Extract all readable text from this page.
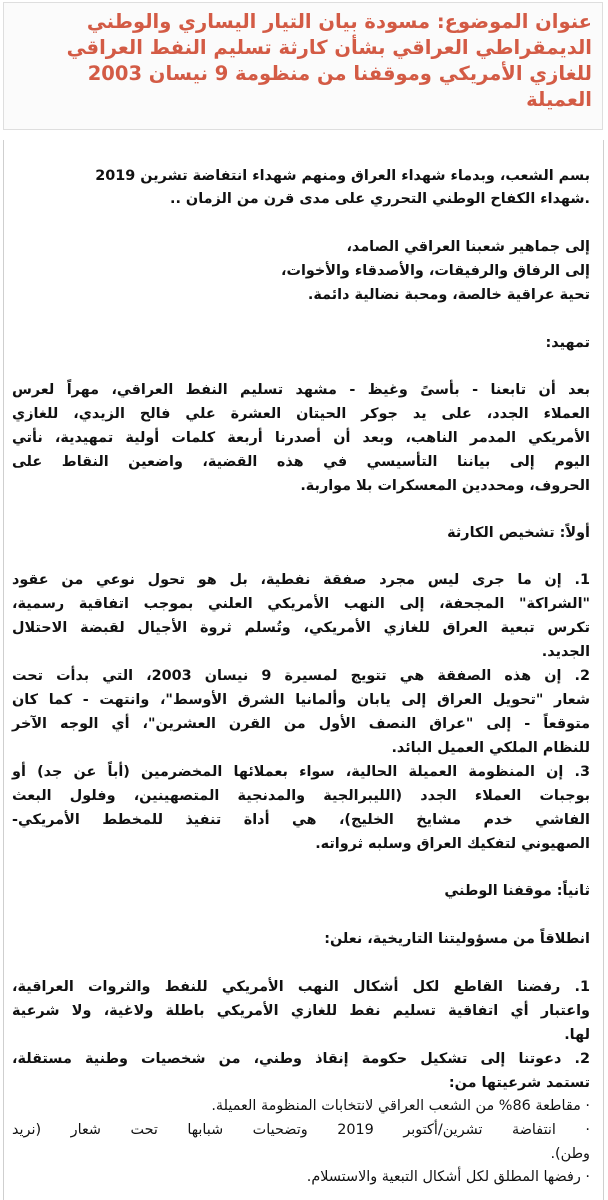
عنوان الموضوع: مسودة بيان التيار اليساري والوطني
الديمقراطي العراقي بشأن كارثة تسليم النفط العراقي
للغازي الأمريكي وموقفنا من منظومة 9 نيسان 2003
العميلة
بسم الشعب، وبدماء شهداء العراق ومنهم شهداء انتفاضة تشرين 2019
.شهداء الكفاح الوطني التحرري على مدى قرن من الزمان ..
إلى جماهير شعبنا العراقي الصامد،
إلى الرفاق والرفيقات، والأصدقاء والأخوات،
تحية عراقية خالصة، ومحبة نضالية دائمة.
تمهيد:
بعد أن تابعنا - بأسىً وغيظ - مشهد تسليم النفط العراقي، مهراً لعرس
العملاء الجدد، على يد جوكر الحيتان العشرة علي فالح الزيدي، للغازي
الأمريكي المدمر الناهب، وبعد أن أصدرنا أربعة كلمات أولية تمهيدية، نأتي
اليوم إلى بياننا التأسيسي في هذه القضية، واضعين النقاط على
الحروف، ومحددين المعسكرات بلا مواربة.
أولاً: تشخيص الكارثة
1. إن ما جرى ليس مجرد صفقة نفطية، بل هو تحول نوعي من عقود
"الشراكة" المجحفة، إلى النهب الأمريكي العلني بموجب اتفاقية رسمية،
تكرس تبعية العراق للغازي الأمريكي، وتُسلم ثروة الأجيال لقبضة الاحتلال
الجديد.
2. إن هذه الصفقة هي تتويج لمسيرة 9 نيسان 2003، التي بدأت تحت
شعار "تحويل العراق إلى يابان وألمانيا الشرق الأوسط"، وانتهت - كما كان
متوقعاً - إلى "عراق النصف الأول من القرن العشرين"، أي الوجه الآخر
للنظام الملكي العميل البائد.
3. إن المنظومة العميلة الحالية، سواء بعملائها المخضرمين (أباً عن جد) أو
بوجبات العملاء الجدد (الليبرالجية والمدنجية المتصهينين، وفلول البعث
الفاشي خدم مشايخ الخليج)، هي أداة تنفيذ للمخطط الأمريكي-
الصهيوني لتفكيك العراق وسلبه ثرواته.
ثانياً: موقفنا الوطني
انطلاقاً من مسؤوليتنا التاريخية، نعلن:
1. رفضنا القاطع لكل أشكال النهب الأمريكي للنفط والثروات العراقية،
واعتبار أي اتفاقية تسليم نفط للغازي الأمريكي باطلة ولاغية، ولا شرعية
لها.
2. دعوتنا إلى تشكيل حكومة إنقاذ وطني، من شخصيات وطنية مستقلة،
تستمد شرعيتها من:
· مقاطعة 86% من الشعب العراقي لانتخابات المنظومة العميلة.
· انتفاضة تشرين/أكتوبر 2019 وتضحيات شبابها تحت شعار (نريد
وطن).
· رفضها المطلق لكل أشكال التبعية والاستسلام.
